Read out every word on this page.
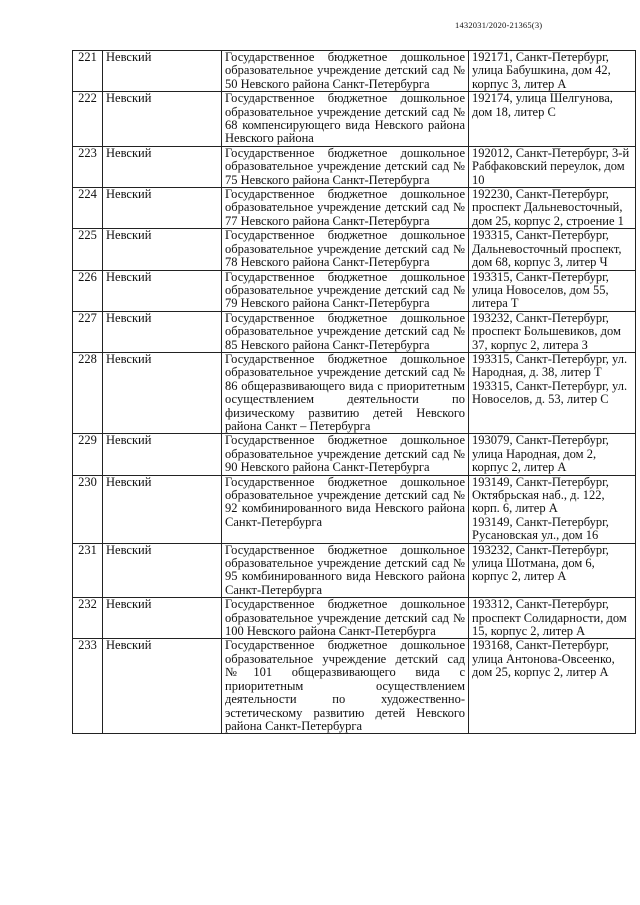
1432031/2020-21365(3)
221	Невский	Государственное бюджетное дошкольное образовательное учреждение детский сад № 50 Невского района Санкт-Петербурга	192171, Санкт-Петербург, улица Бабушкина, дом 42, корпус 3, литер А

222	Невский	Государственное бюджетное дошкольное образовательное учреждение детский сад № 68 компенсирующего вида Невского района Невского района	192174, улица Шелгунова, дом 18, литер С

223	Невский	Государственное бюджетное дошкольное образовательное учреждение детский сад № 75 Невского района Санкт-Петербурга	192012, Санкт-Петербург, 3-й Рабфаковский переулок, дом 10

224	Невский	Государственное бюджетное дошкольное образовательное учреждение детский сад № 77 Невского района Санкт-Петербурга	192230, Санкт-Петербург, проспект Дальневосточный, дом 25, корпус 2, строение 1

225	Невский	Государственное бюджетное дошкольное образовательное учреждение детский сад № 78 Невского района Санкт-Петербурга	193315, Санкт-Петербург, Дальневосточный проспект, дом 68, корпус 3, литер Ч

226	Невский	Государственное бюджетное дошкольное образовательное учреждение детский сад № 79 Невского района Санкт-Петербурга	193315, Санкт-Петербург, улица Новоселов, дом 55, литера Т

227	Невский	Государственное бюджетное дошкольное образовательное учреждение детский сад № 85 Невского района Санкт-Петербурга	193232, Санкт-Петербург, проспект Большевиков, дом 37, корпус 2, литера З

228	Невский	Государственное бюджетное дошкольное образовательное учреждение детский сад № 86 общеразвивающего вида с приоритетным осуществлением деятельности по физическому развитию детей Невского района Санкт – Петербурга	193315, Санкт-Петербург, ул. Народная, д. 38, литер Т
193315, Санкт-Петербург, ул. Новоселов, д. 53, литер С

229	Невский	Государственное бюджетное дошкольное образовательное учреждение детский сад № 90 Невского района Санкт-Петербурга	193079, Санкт-Петербург, улица Народная, дом 2, корпус 2, литер А

230	Невский	Государственное бюджетное дошкольное образовательное учреждение детский сад № 92 комбинированного вида Невского района Санкт-Петербурга	193149, Санкт-Петербург, Октябрьская наб., д. 122, корп. 6, литер А
193149, Санкт-Петербург, Русановская ул., дом 16

231	Невский	Государственное бюджетное дошкольное образовательное учреждение детский сад № 95 комбинированного вида Невского района Санкт-Петербурга	193232, Санкт-Петербург, улица Шотмана, дом 6, корпус 2, литер А

232	Невский	Государственное бюджетное дошкольное образовательное учреждение детский сад № 100 Невского района Санкт-Петербурга	193312, Санкт-Петербург, проспект Солидарности, дом 15, корпус 2, литер А

233	Невский	Государственное бюджетное дошкольное образовательное учреждение детский сад №101 общеразвивающего вида с приоритетным осуществлением деятельности по художественно-эстетическому развитию детей Невского района Санкт-Петербурга	193168, Санкт-Петербург, улица Антонова-Овсеенко, дом 25, корпус 2, литер А
